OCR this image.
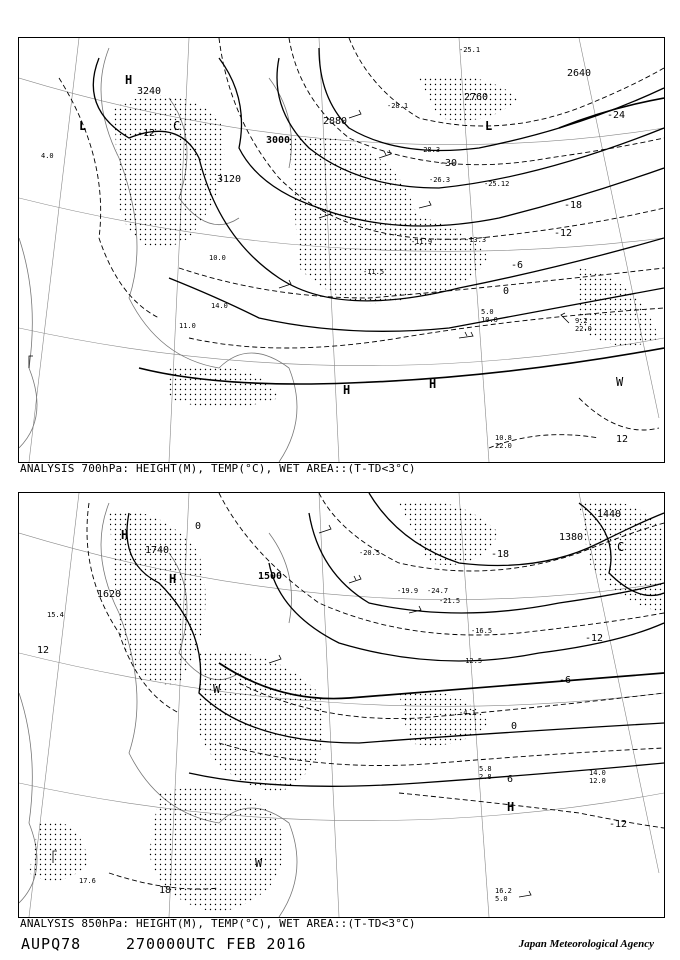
3240
3120
3000
2880
2760
2640
-12
-24
-18
-12
-6
0
12
-30
H
L	C
H	H	W
L
-28.1
-25.1
-25.12
-28.3
-26.3
-11.9
-11.5
-13.3
5.0
10.0	9.2
22.0
10.8
22.0
4.0
14.0
11.0
10.0
ANALYSIS 700hPa: HEIGHT(M), TEMP(°C), WET AREA::(T-TD<3°C)
1740
1620
1500
1440
1380
0
-18
-12
-6
0
6
-12
18
12
H
H
C
W
H
W
-24.7
-21.5
-20.5
-19.9
-16.5
-12.5
-4.1
5.8
2.8	14.0
12.0
16.2
5.0
17.6
15.4
ANALYSIS 850hPa: HEIGHT(M), TEMP(°C), WET AREA::(T-TD<3°C)
AUPQ78	270000UTC FEB 2016	Japan Meteorological Agency
